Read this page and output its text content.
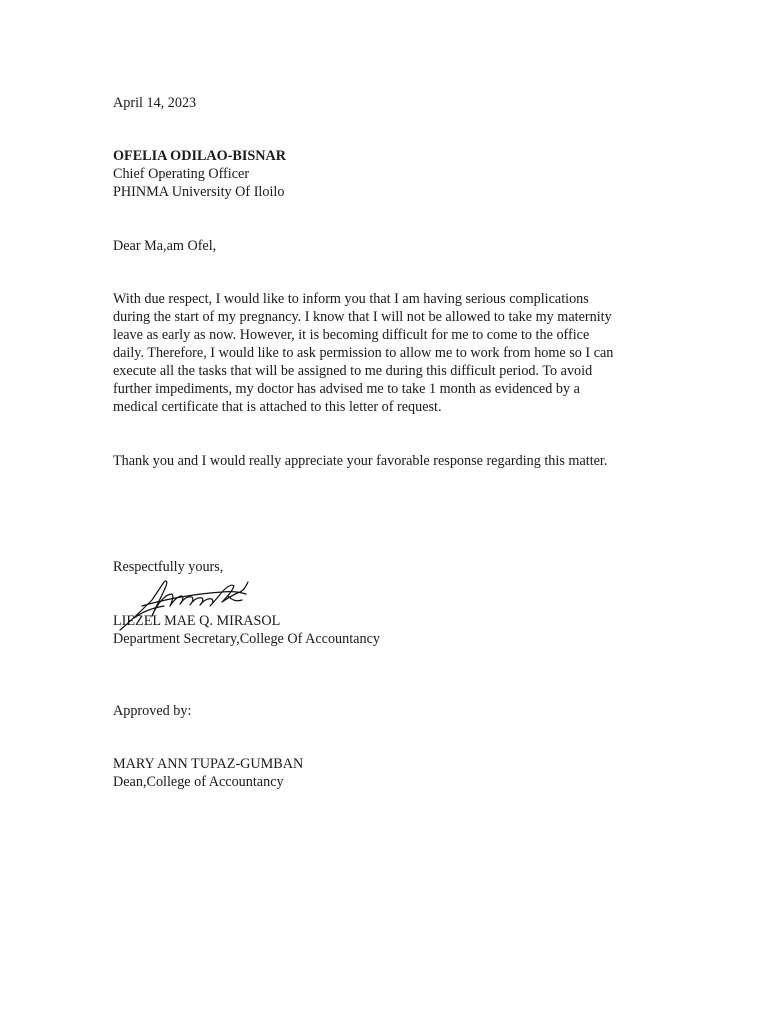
April 14, 2023
OFELIA ODILAO-BISNAR
Chief Operating Officer
PHINMA University Of Iloilo
Dear Ma,am Ofel,
With due respect, I would like to inform you that I am having serious complications
during the start of my pregnancy. I know that I will not be allowed to take my maternity
leave as early as now. However, it is becoming difficult for me to come to the office
daily. Therefore, I would like to ask permission to allow me to work from home so I can
execute all the tasks that will be assigned to me during this difficult period. To avoid
further impediments, my doctor has advised me to take 1 month as evidenced by a
medical certificate that is attached to this letter of request.
Thank you and I would really appreciate your favorable response regarding this matter.
Respectfully yours,
LIEZEL MAE Q. MIRASOL
Department Secretary,College Of Accountancy
Approved by:
MARY ANN TUPAZ-GUMBAN
Dean,College of Accountancy
